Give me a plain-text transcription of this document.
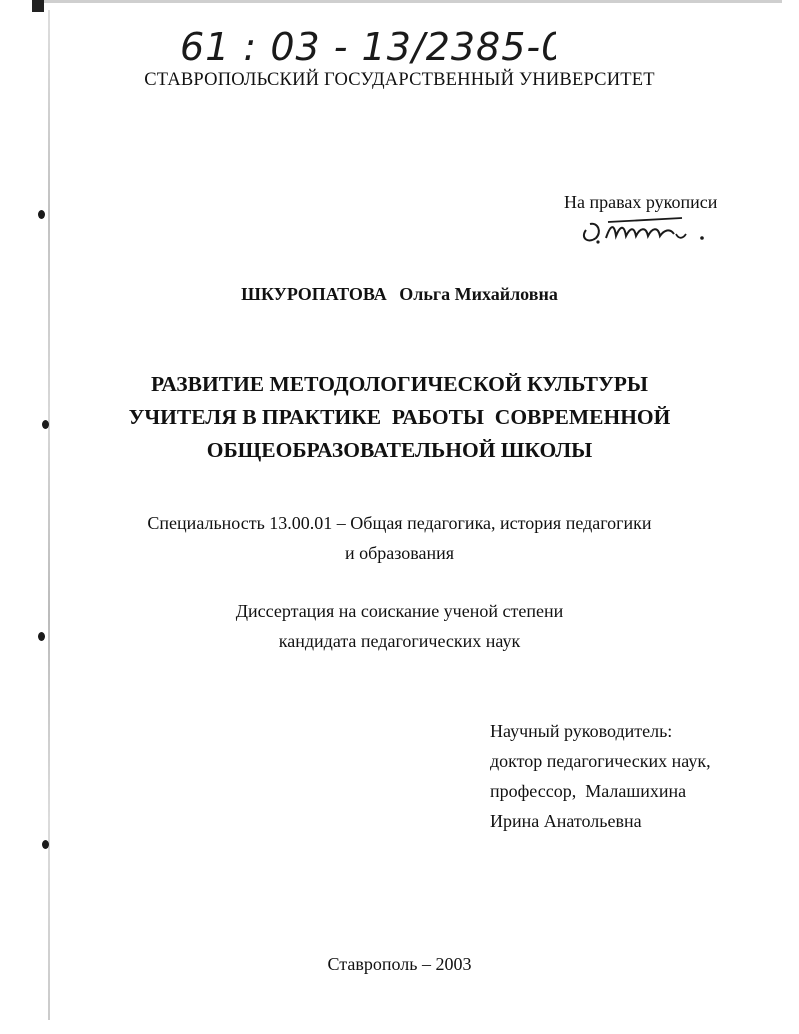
61 : 03 - 13/2385-0
СТАВРОПОЛЬСКИЙ ГОСУДАРСТВЕННЫЙ УНИВЕРСИТЕТ
На правах рукописи
ШКУРОПАТОВА Ольга Михайловна
РАЗВИТИЕ МЕТОДОЛОГИЧЕСКОЙ КУЛЬТУРЫ
УЧИТЕЛЯ В ПРАКТИКЕ  РАБОТЫ  СОВРЕМЕННОЙ
ОБЩЕОБРАЗОВАТЕЛЬНОЙ ШКОЛЫ
Специальность 13.00.01 – Общая педагогика, история педагогики
и образования
Диссертация на соискание ученой степени
кандидата педагогических наук
Научный руководитель:
доктор педагогических наук,
профессор,  Малашихина
Ирина Анатольевна
Ставрополь – 2003
